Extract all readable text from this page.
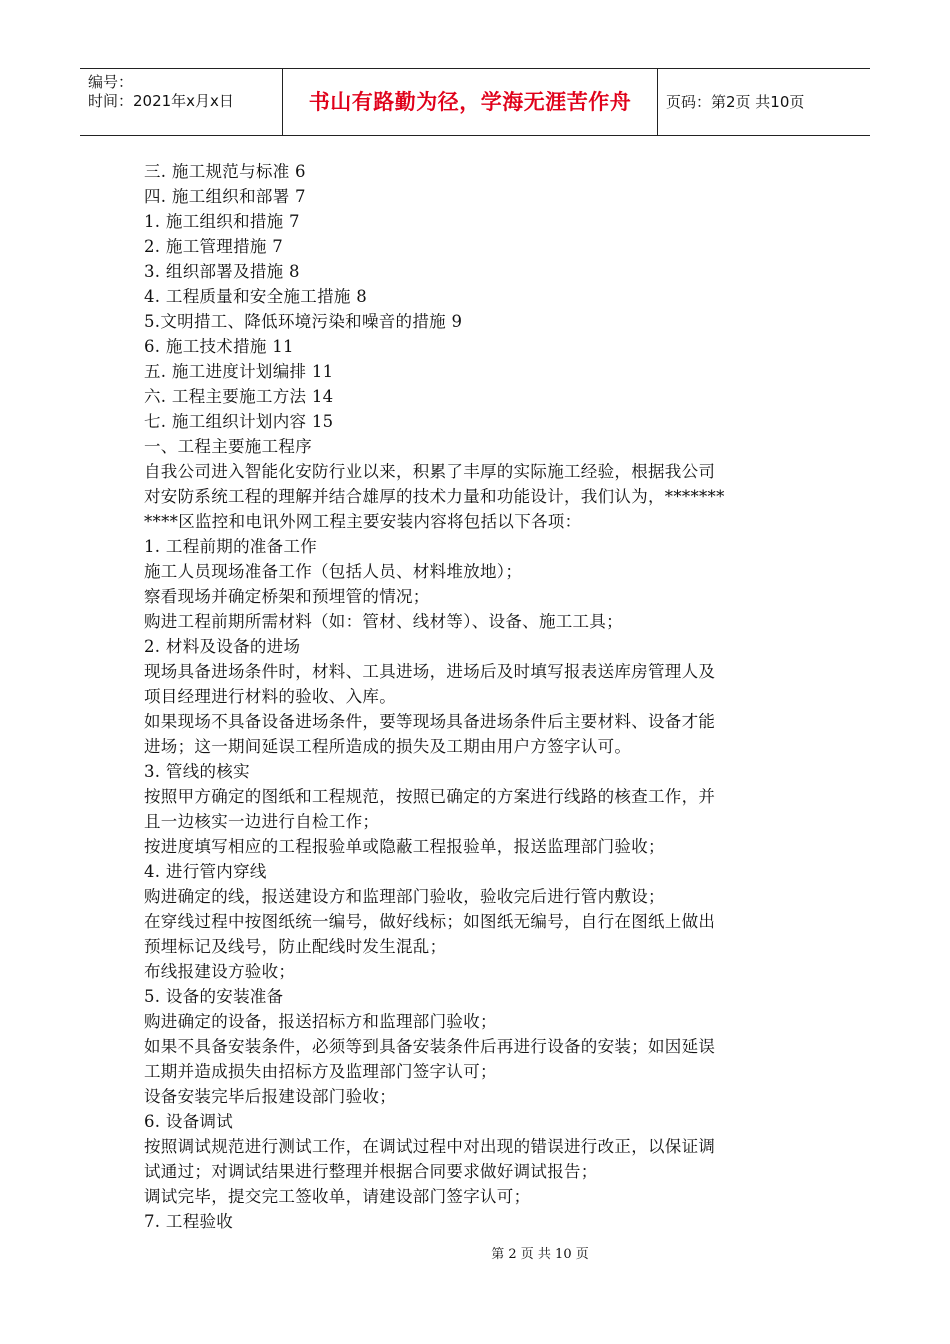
编号：
时间：2021年x月x日	书山有路勤为径，学海无涯苦作舟	页码：第2页 共10页
三. 施工规范与标准 6
四. 施工组织和部署 7
1. 施工组织和措施 7
2. 施工管理措施 7
3. 组织部署及措施 8
4. 工程质量和安全施工措施 8
5.文明措工、降低环境污染和噪音的措施 9
6. 施工技术措施 11
五. 施工进度计划编排 11
六. 工程主要施工方法 14
七. 施工组织计划内容 15
一、工程主要施工程序
自我公司进入智能化安防行业以来，积累了丰厚的实际施工经验，根据我公司
对安防系统工程的理解并结合雄厚的技术力量和功能设计，我们认为，*******
****区监控和电讯外网工程主要安装内容将包括以下各项：
1. 工程前期的准备工作
施工人员现场准备工作（包括人员、材料堆放地）；
察看现场并确定桥架和预埋管的情况；
购进工程前期所需材料（如：管材、线材等）、设备、施工工具；
2. 材料及设备的进场
现场具备进场条件时，材料、工具进场，进场后及时填写报表送库房管理人及
项目经理进行材料的验收、入库。
如果现场不具备设备进场条件，要等现场具备进场条件后主要材料、设备才能
进场；这一期间延误工程所造成的损失及工期由用户方签字认可。
3. 管线的核实
按照甲方确定的图纸和工程规范，按照已确定的方案进行线路的核查工作，并
且一边核实一边进行自检工作；
按进度填写相应的工程报验单或隐蔽工程报验单，报送监理部门验收；
4. 进行管内穿线
购进确定的线，报送建设方和监理部门验收，验收完后进行管内敷设；
在穿线过程中按图纸统一编号，做好线标；如图纸无编号，自行在图纸上做出
预埋标记及线号，防止配线时发生混乱；
布线报建设方验收；
5. 设备的安装准备
购进确定的设备，报送招标方和监理部门验收；
如果不具备安装条件，必须等到具备安装条件后再进行设备的安装；如因延误
工期并造成损失由招标方及监理部门签字认可；
设备安装完毕后报建设部门验收；
6. 设备调试
按照调试规范进行测试工作，在调试过程中对出现的错误进行改正，以保证调
试通过；对调试结果进行整理并根据合同要求做好调试报告；
调试完毕，提交完工签收单，请建设部门签字认可；
7. 工程验收
第 2 页 共 10 页
